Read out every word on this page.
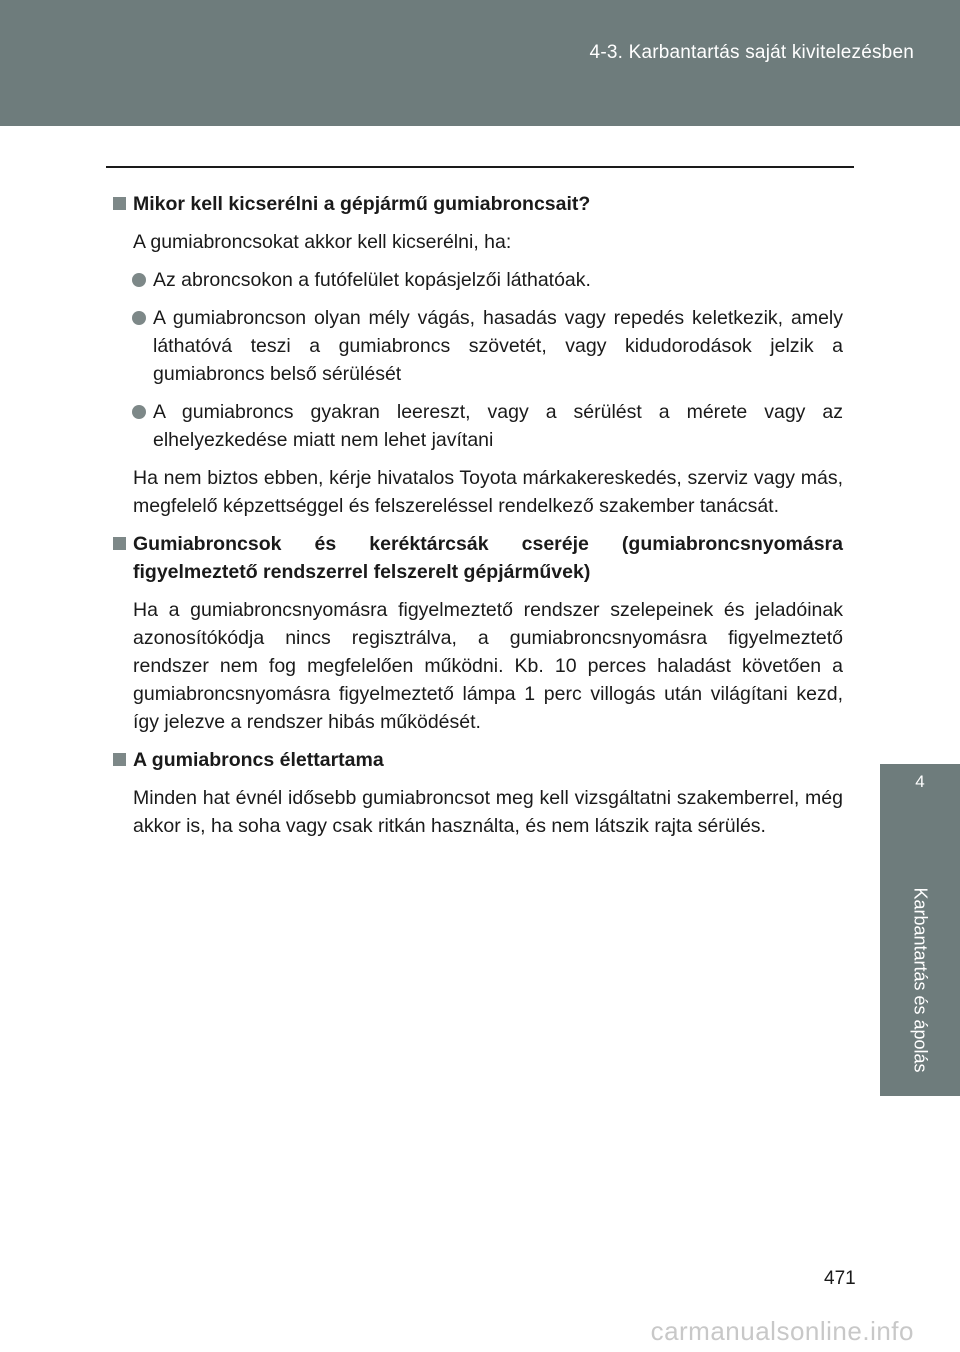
4-3. Karbantartás saját kivitelezésben
4
Karbantartás és ápolás
Mikor kell kicserélni a gépjármű gumiabroncsait?
A gumiabroncsokat akkor kell kicserélni, ha:
Az abroncsokon a futófelület kopásjelzői láthatóak.
A gumiabroncson olyan mély vágás, hasadás vagy repedés keletkezik, amely láthatóvá teszi a gumiabroncs szövetét, vagy kidudorodások jelzik a gumiabroncs belső sérülését
A gumiabroncs gyakran leereszt, vagy a sérülést a mérete vagy az elhelyezkedése miatt nem lehet javítani
Ha nem biztos ebben, kérje hivatalos Toyota márkakereskedés, szerviz vagy más, megfelelő képzettséggel és felszereléssel rendelkező szakember tanácsát.
Gumiabroncsok és keréktárcsák cseréje (gumiabroncsnyomásra figyelmeztető rendszerrel felszerelt gépjárművek)
Ha a gumiabroncsnyomásra figyelmeztető rendszer szelepeinek és jeladóinak azonosítókódja nincs regisztrálva, a gumiabroncsnyomásra figyelmeztető rendszer nem fog megfelelően működni. Kb. 10 perces haladást követően a gumiabroncsnyomásra figyelmeztető lámpa 1 perc villogás után világítani kezd, így jelezve a rendszer hibás működését.
A gumiabroncs élettartama
Minden hat évnél idősebb gumiabroncsot meg kell vizsgáltatni szakemberrel, még akkor is, ha soha vagy csak ritkán használta, és nem látszik rajta sérülés.
471
carmanualsonline.info
